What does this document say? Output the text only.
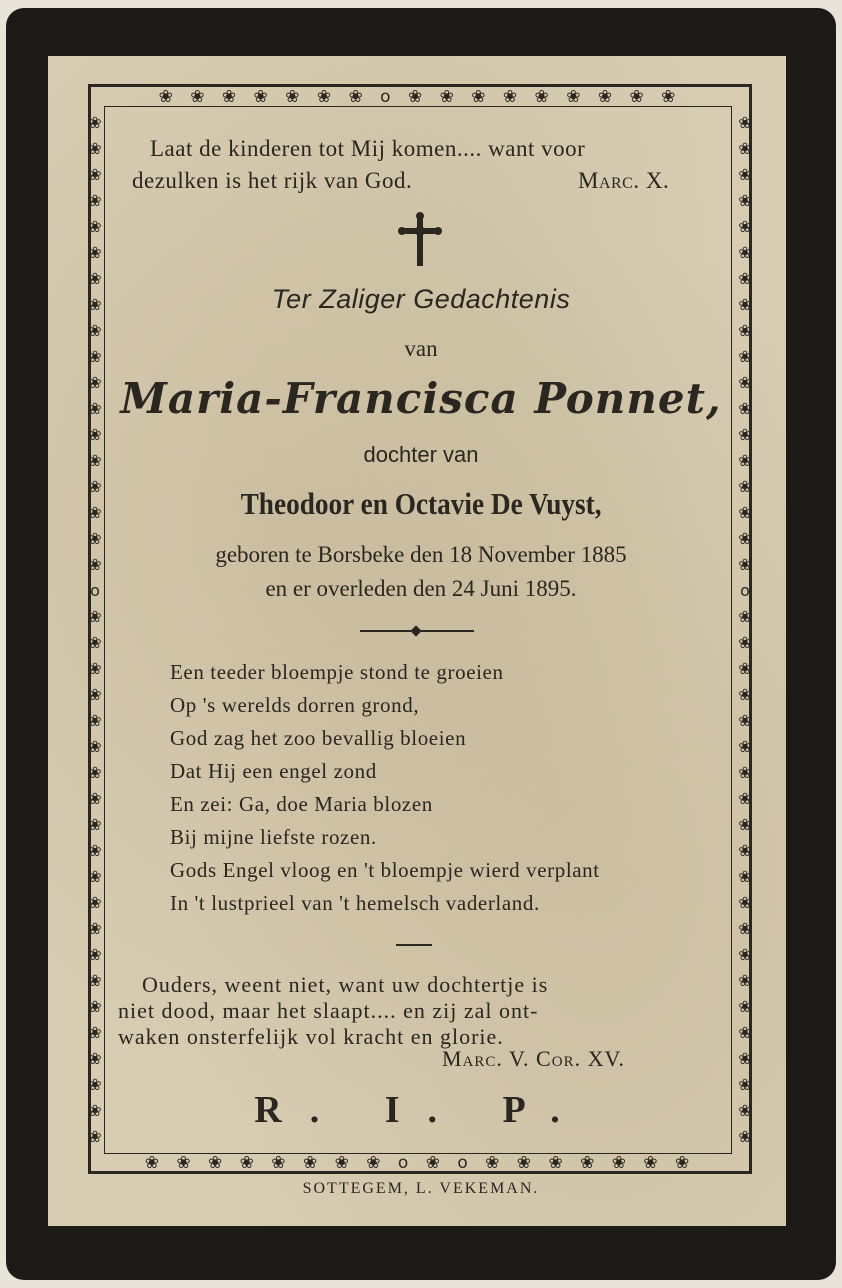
❀ ❀ ❀ ❀ ❀ ❀ ❀ o ❀ ❀ ❀ ❀ ❀ ❀ ❀ ❀ ❀
❀ ❀ ❀ ❀ ❀ ❀ ❀ ❀ o ❀ o ❀ ❀ ❀ ❀ ❀ ❀ ❀
❀
❀
❀
❀
❀
❀
❀
❀
❀
❀
❀
❀
❀
❀
❀
❀
❀
❀
o
❀
❀
❀
❀
❀
❀
❀
❀
❀
❀
❀
❀
❀
❀
❀
❀
❀
❀
❀
❀
❀
❀
❀
❀
❀
❀
❀
❀
❀
❀
❀
❀
❀
❀
❀
❀
❀
❀
❀
o
❀
❀
❀
❀
❀
❀
❀
❀
❀
❀
❀
❀
❀
❀
❀
❀
❀
❀
❀
❀
❀
Laat de kinderen tot Mij komen.... want voor
dezulken is het rijk van God.	Marc. X.
Ter Zaliger Gedachtenis
van
Maria-Francisca Ponnet,
dochter van
Theodoor en Octavie De Vuyst,
geboren te Borsbeke den 18 November 1885
en er overleden den 24 Juni 1895.
Een teeder bloempje stond te groeien
Op 's werelds dorren grond,
God zag het zoo bevallig bloeien
Dat Hij een engel zond
En zei: Ga, doe Maria blozen
Bij mijne liefste rozen.
Gods Engel vloog en 't bloempje wierd verplant
In 't lustprieel van 't hemelsch vaderland.
Ouders, weent niet, want uw dochtertje is
niet dood, maar het slaapt.... en zij zal ont-
waken onsterfelijk vol kracht en glorie.
Marc. V. Cor. XV.
R. I. P.
SOTTEGEM, L. VEKEMAN.
